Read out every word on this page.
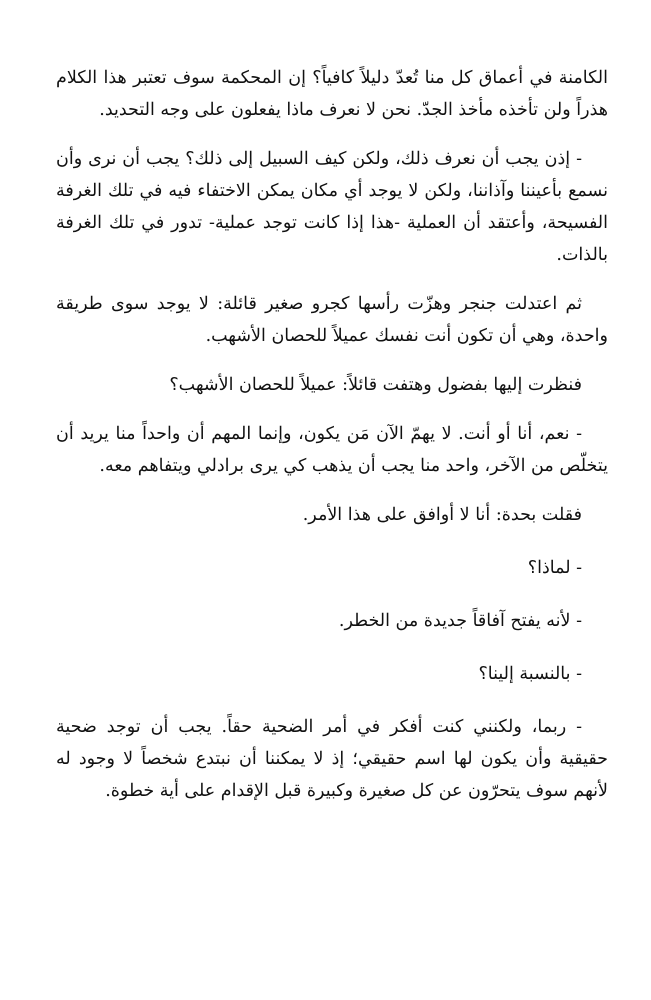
الكامنة في أعماق كل منا تُعدّ دليلاً كافياً؟ إن المحكمة سوف تعتبر هذا الكلام هذراً ولن تأخذه مأخذ الجدّ. نحن لا نعرف ماذا يفعلون على وجه التحديد.

- إذن يجب أن نعرف ذلك، ولكن كيف السبيل إلى ذلك؟ يجب أن نرى وأن نسمع بأعيننا وآذاننا، ولكن لا يوجد أي مكان يمكن الاختفاء فيه في تلك الغرفة الفسيحة، وأعتقد أن العملية -هذا إذا كانت توجد عملية- تدور في تلك الغرفة بالذات.

ثم اعتدلت جنجر وهزّت رأسها كجرو صغير قائلة: لا يوجد سوى طريقة واحدة، وهي أن تكون أنت نفسك عميلاً للحصان الأشهب.

فنظرت إليها بفضول وهتفت قائلاً: عميلاً للحصان الأشهب؟

- نعم، أنا أو أنت. لا يهمّ الآن مَن يكون، وإنما المهم أن واحداً منا يريد أن يتخلّص من الآخر، واحد منا يجب أن يذهب كي يرى برادلي ويتفاهم معه.

فقلت بحدة: أنا لا أوافق على هذا الأمر.

- لماذا؟

- لأنه يفتح آفاقاً جديدة من الخطر.

- بالنسبة إلينا؟

- ربما، ولكنني كنت أفكر في أمر الضحية حقاً. يجب أن توجد ضحية حقيقية وأن يكون لها اسم حقيقي؛ إذ لا يمكننا أن نبتدع شخصاً لا وجود له لأنهم سوف يتحرّون عن كل صغيرة وكبيرة قبل الإقدام على أية خطوة.
